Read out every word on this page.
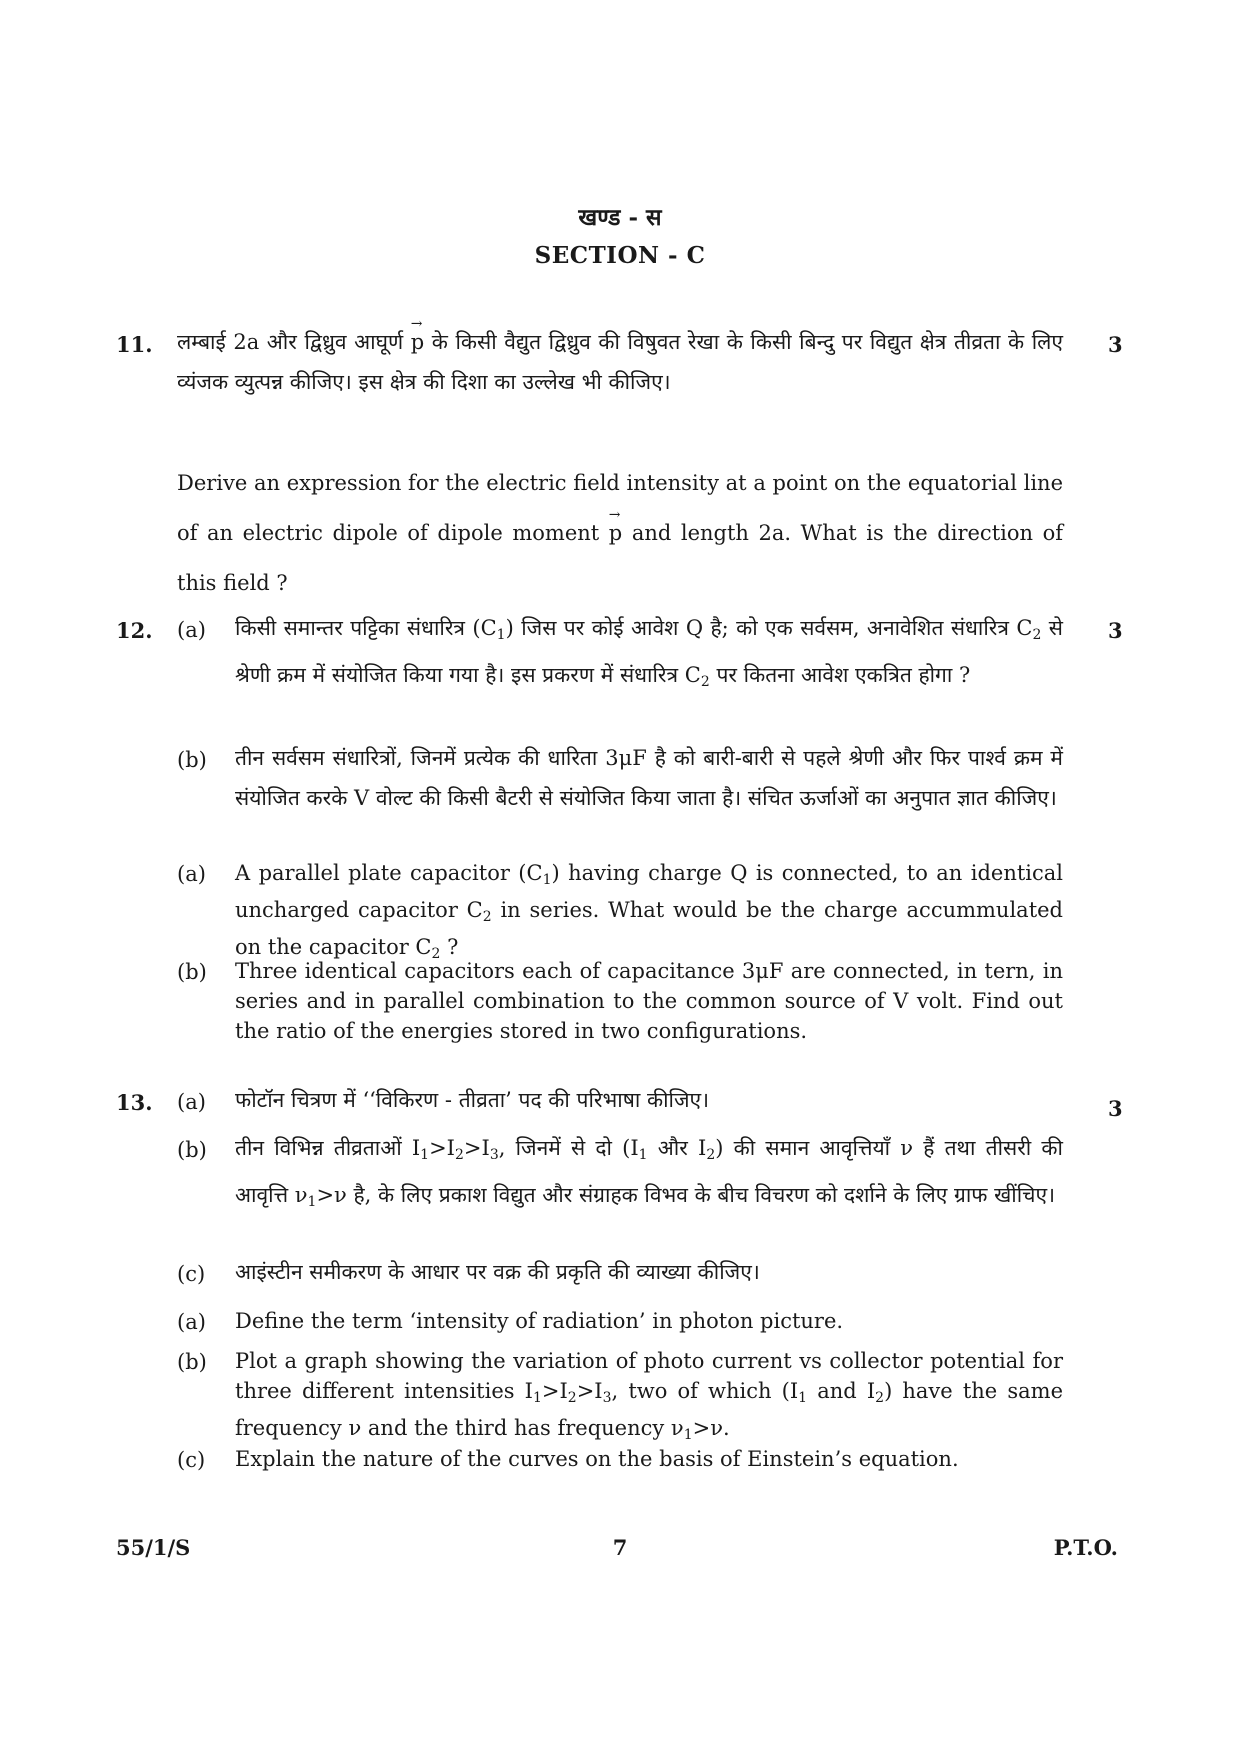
खण्ड - स
SECTION - C
11.	3
लम्बाई 2a और द्विध्रुव आघूर्ण → p के किसी वैद्युत द्विध्रुव की विषुवत रेखा के किसी बिन्दु पर विद्युत क्षेत्र तीव्रता के लिए व्यंजक व्युत्पन्न कीजिए। इस क्षेत्र की दिशा का उल्लेख भी कीजिए।
Derive an expression for the electric field intensity at a point on the equatorial line of an electric dipole of dipole moment → p and length 2a. What is the direction of this field ?
12.	3
(a) किसी समान्तर पट्टिका संधारित्र $(C_1)$ जिस पर कोई आवेश Q है; को एक सर्वसम, अनावेशित संधारित्र $C_2$ से श्रेणी क्रम में संयोजित किया गया है। इस प्रकरण में संधारित्र $C_2$ पर कितना आवेश एकत्रित होगा ?
(b) तीन सर्वसम संधारित्रों, जिनमें प्रत्येक की धारिता 3μF है को बारी-बारी से पहले श्रेणी और फिर पार्श्व क्रम में संयोजित करके V वोल्ट की किसी बैटरी से संयोजित किया जाता है। संचित ऊर्जाओं का अनुपात ज्ञात कीजिए।
(a) A parallel plate capacitor $(C_1)$ having charge Q is connected, to an identical uncharged capacitor $C_2$ in series. What would be the charge accummulated on the capacitor $C_2$ ?
(b) Three identical capacitors each of capacitance 3μF are connected, in tern, in series and in parallel combination to the common source of V volt. Find out the ratio of the energies stored in two configurations.
13.	3
(a) फोटॉन चित्रण में ‘‘विकिरण - तीव्रता’ पद की परिभाषा कीजिए।
(b) तीन विभिन्न तीव्रताओं $I_1>I_2>I_3$, जिनमें से दो ($I_1$ और $I_2$) की समान आवृत्तियाँ ν हैं तथा तीसरी की आवृत्ति $\nu_1>\nu$ है, के लिए प्रकाश विद्युत और संग्राहक विभव के बीच विचरण को दर्शाने के लिए ग्राफ खींचिए।
(c) आइंस्टीन समीकरण के आधार पर वक्र की प्रकृति की व्याख्या कीजिए।
(a) Define the term ‘intensity of radiation’ in photon picture.
(b) Plot a graph showing the variation of photo current vs collector potential for three different intensities $I_1>I_2>I_3$, two of which ($I_1$ and $I_2$) have the same frequency ν and the third has frequency $\nu_1>\nu$.
(c) Explain the nature of the curves on the basis of Einstein’s equation.
55/1/S	7	P.T.O.
